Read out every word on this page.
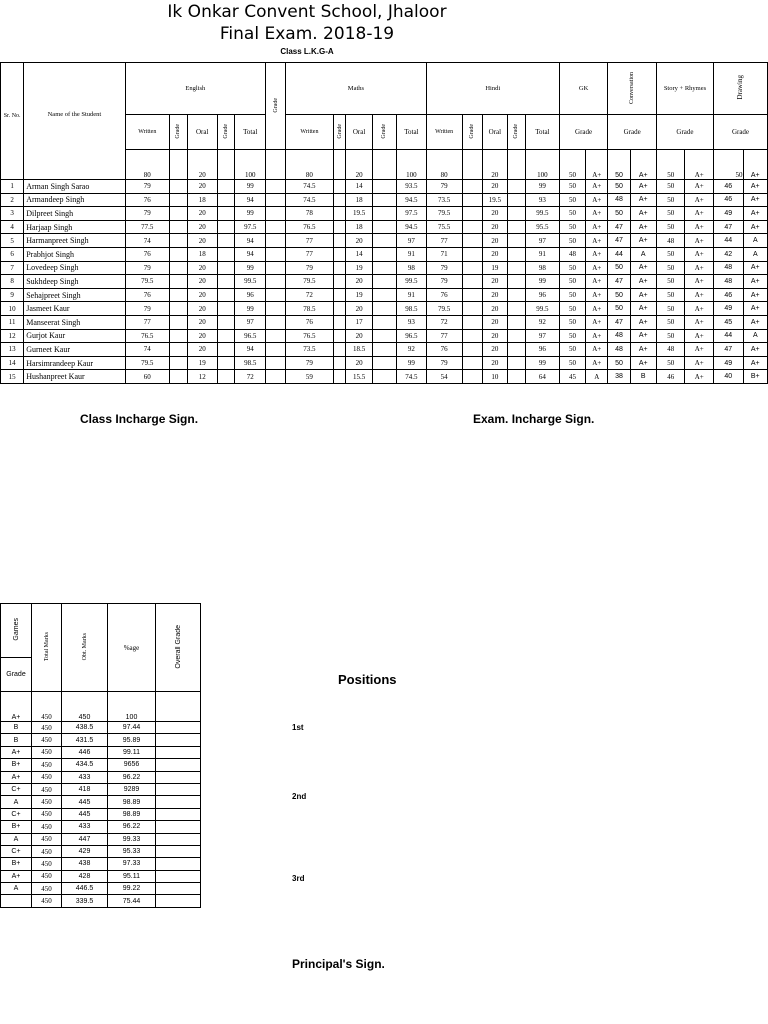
Ik Onkar Convent School, Jhaloor
Final Exam. 2018-19
Class L.K.G-A
Sr. No.	Name of the Student	English					Grade	Maths					Hindi					GK		Conversation		Story + Rhymes		Drawing	
		Written	Grade	Oral	Grade	Total		Written	Grade	Oral	Grade	Total	Written	Grade	Oral	Grade	Total	Grade		Grade		Grade		Grade	
		80		20		100		80		20		100	80		20		100	50	A+	50	A+	50	A+	50	A+
1	Arman Singh Sarao	79		20		99		74.5		14		93.5	79		20		99	50	A+	50	A+	50	A+	46	A+
2	Armandeep Singh	76		18		94		74.5		18		94.5	73.5		19.5		93	50	A+	48	A+	50	A+	46	A+
3	Dilpreet Singh	79		20		99		78		19.5		97.5	79.5		20		99.5	50	A+	50	A+	50	A+	49	A+
4	Harjaap Singh	77.5		20		97.5		76.5		18		94.5	75.5		20		95.5	50	A+	47	A+	50	A+	47	A+
5	Harmanpreet Singh	74		20		94		77		20		97	77		20		97	50	A+	47	A+	48	A+	44	A
6	Prabhjot Singh	76		18		94		77		14		91	71		20		91	48	A+	44	A	50	A+	42	A
7	Lovedeep Singh	79		20		99		79		19		98	79		19		98	50	A+	50	A+	50	A+	48	A+
8	Sukhdeep Singh	79.5		20		99.5		79.5		20		99.5	79		20		99	50	A+	47	A+	50	A+	48	A+
9	Sehajpreet Singh	76		20		96		72		19		91	76		20		96	50	A+	50	A+	50	A+	46	A+
10	Jasmeet Kaur	79		20		99		78.5		20		98.5	79.5		20		99.5	50	A+	50	A+	50	A+	49	A+
11	Manseerat Singh	77		20		97		76		17		93	72		20		92	50	A+	47	A+	50	A+	45	A+
12	Gurjot Kaur	76.5		20		96.5		76.5		20		96.5	77		20		97	50	A+	48	A+	50	A+	44	A
13	Gurneet Kaur	74		20		94		73.5		18.5		92	76		20		96	50	A+	48	A+	48	A+	47	A+
14	Harsimrandeep Kaur	79.5		19		98.5		79		20		99	79		20		99	50	A+	50	A+	50	A+	49	A+
15	Hushanpreet Kaur	60		12		72		59		15.5		74.5	54		10		64	45	A	38	B	46	A+	40	B+
Class Incharge Sign.	Exam. Incharge Sign.
Games	Total Marks	Obt. Marks	%age	Overall Grade
Grade				
A+	450	450	100	
B	450	438.5	97.44	
B	450	431.5	95.89	
A+	450	446	99.11	
B+	450	434.5	9656	
A+	450	433	96.22	
C+	450	418	9289	
A	450	445	98.89	
C+	450	445	98.89	
B+	450	433	96.22	
A	450	447	99.33	
C+	450	429	95.33	
B+	450	438	97.33	
A+	450	428	95.11	
A	450	446.5	99.22	
	450	339.5	75.44	
Positions
1st
2nd
3rd
Principal's Sign.
